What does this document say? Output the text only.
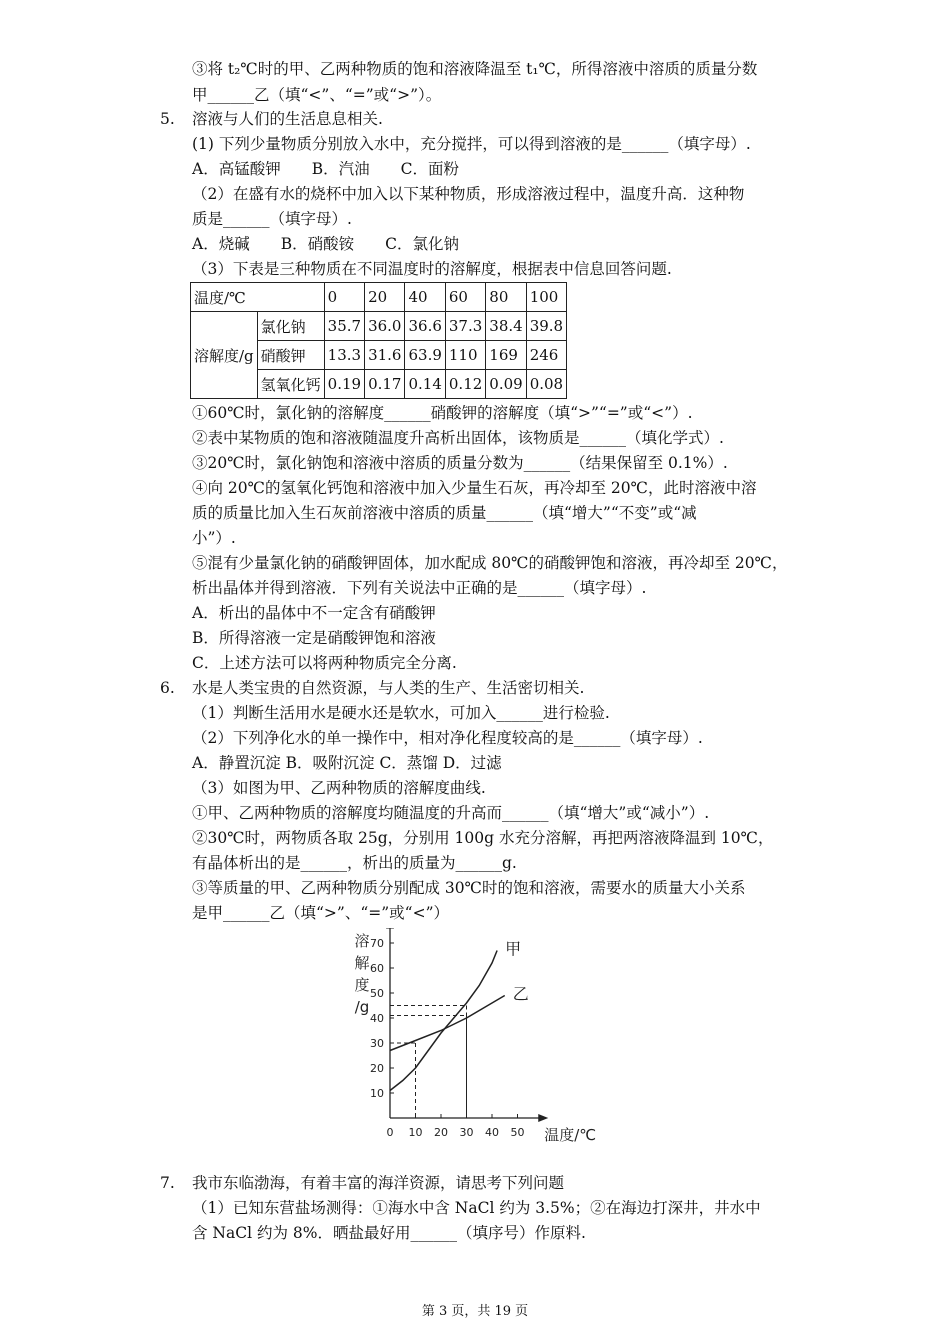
③将 t₂℃时的甲、乙两种物质的饱和溶液降温至 t₁℃，所得溶液中溶质的质量分数
甲______乙（填“<”、“=”或“>”）。
5. 溶液与人们的生活息息相关.
(1) 下列少量物质分别放入水中，充分搅拌，可以得到溶液的是______（填字母）.
A．高锰酸钾　　B．汽油　　C．面粉
（2）在盛有水的烧杯中加入以下某种物质，形成溶液过程中，温度升高．这种物
质是______（填字母）.
A．烧碱　　B．硝酸铵　　C．氯化钠
（3）下表是三种物质在不同温度时的溶解度，根据表中信息回答问题.
温度/℃		0	20	40	60	80	100
溶解度/g	氯化钠	35.7	36.0	36.6	37.3	38.4	39.8
	硝酸钾	13.3	31.6	63.9	110	169	246
	氢氧化钙	0.19	0.17	0.14	0.12	0.09	0.08
①60℃时，氯化钠的溶解度______硝酸钾的溶解度（填“>”“=”或“<”）.
②表中某物质的饱和溶液随温度升高析出固体，该物质是______（填化学式）.
③20℃时，氯化钠饱和溶液中溶质的质量分数为______（结果保留至 0.1%）.
④向 20℃的氢氧化钙饱和溶液中加入少量生石灰，再冷却至 20℃，此时溶液中溶
质的质量比加入生石灰前溶液中溶质的质量______（填“增大”“不变”或“减
小”）.
⑤混有少量氯化钠的硝酸钾固体，加水配成 80℃的硝酸钾饱和溶液，再冷却至 20℃，
析出晶体并得到溶液．下列有关说法中正确的是______（填字母）.
A．析出的晶体中不一定含有硝酸钾
B．所得溶液一定是硝酸钾饱和溶液
C．上述方法可以将两种物质完全分离.
6. 水是人类宝贵的自然资源，与人类的生产、生活密切相关.
（1）判断生活用水是硬水还是软水，可加入______进行检验.
（2）下列净化水的单一操作中，相对净化程度较高的是______（填字母）.
A．静置沉淀 B．吸附沉淀 C．蒸馏 D．过滤
（3）如图为甲、乙两种物质的溶解度曲线.
①甲、乙两种物质的溶解度均随温度的升高而______（填“增大”或“减小”）.
②30℃时，两物质各取 25g，分别用 100g 水充分溶解，再把两溶液降温到 10℃，
有晶体析出的是______，析出的质量为______g.
③等质量的甲、乙两种物质分别配成 30℃时的饱和溶液，需要水的质量大小关系
是甲______乙（填“>”、“=”或“<”）
10
20
30
40
50
60
70
0 10 20 30 40 50
甲
乙
溶
解
度
/g
温度/℃
7. 我市东临渤海，有着丰富的海洋资源，请思考下列问题
（1）已知东营盐场测得：①海水中含 NaCl 约为 3.5%；②在海边打深井，井水中
含 NaCl 约为 8%．晒盐最好用______（填序号）作原料.
第 3 页，共 19 页
